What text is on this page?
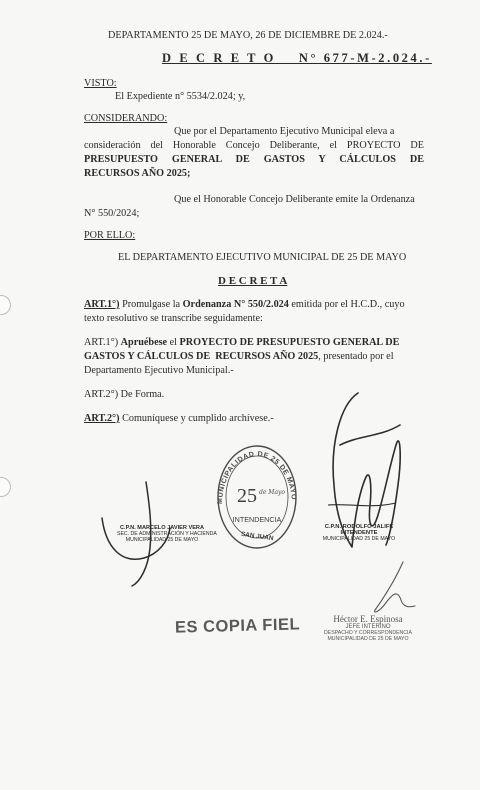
DEPARTAMENTO 25 DE MAYO, 26 DE DICIEMBRE DE 2.024.-
D E C R E T O    N° 677-M-2.024.-
VISTO:
El Expediente n° 5534/2.024; y,
CONSIDERANDO:
Que por el Departamento Ejecutivo Municipal eleva a
consideración del Honorable Concejo Deliberante, el PROYECTO DE
PRESUPUESTO GENERAL DE GASTOS Y CÁLCULOS DE
RECURSOS AÑO 2025;
Que el Honorable Concejo Deliberante emite la Ordenanza
N° 550/2024;
POR ELLO:
EL DEPARTAMENTO EJECUTIVO MUNICIPAL DE 25 DE MAYO
D E C R E T A
ART.1°) Promulgase la Ordenanza N° 550/2.024 emitida por el H.C.D., cuyo
texto resolutivo se transcribe seguidamente:
ART.1°) Apruébese el PROYECTO DE PRESUPUESTO GENERAL DE
GASTOS Y CÁLCULOS DE  RECURSOS AÑO 2025, presentado por el
Departamento Ejecutivo Municipal.-
ART.2°) De Forma.
ART.2°) Comuníquese y cumplido archívese.-
C.P.N. MARCELO JAVIER VERA
SEC. DE ADMINISTRACIÓN Y HACIENDA
MUNICIPALIDAD 25 DE MAYO
MUNICIPALIDAD DE 25 DE MAYO
25 de Mayo
INTENDENCIA
SAN JUAN
C.P.N. RODOLFO JALIFE
INTENDENTE
MUNICIPALIDAD 25 DE MAYO
ES COPIA FIEL	Héctor E. Espinosa
JEFE INTERINO
DESPACHO Y CORRESPONDENCIA
MUNICIPALIDAD DE 25 DE MAYO
